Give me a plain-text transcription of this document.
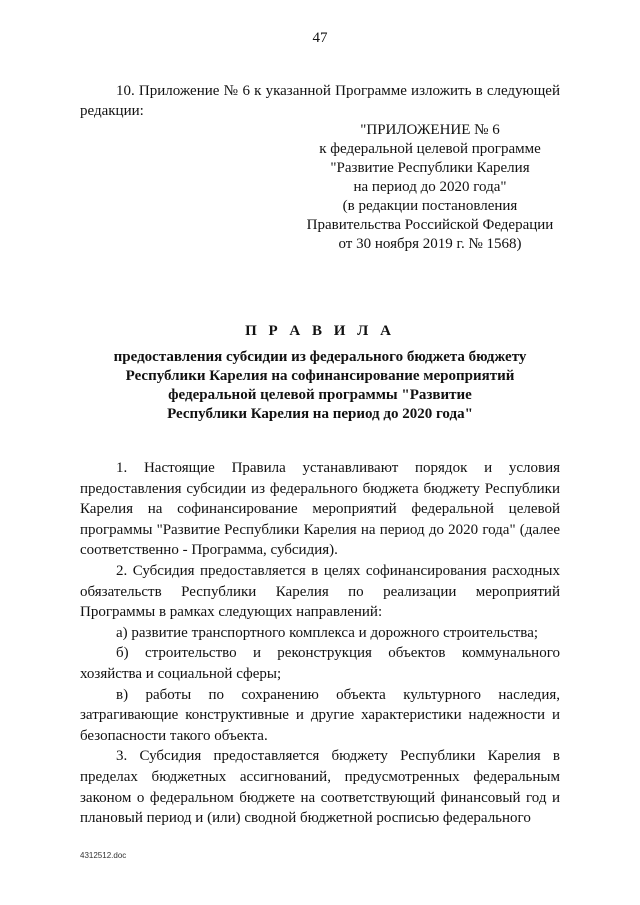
47

10. Приложение № 6 к указанной Программе изложить в следующей редакции:

"ПРИЛОЖЕНИЕ № 6
к федеральной целевой программе
"Развитие Республики Карелия
на период до 2020 года"
(в редакции постановления
Правительства Российской Федерации
от 30 ноября 2019 г. № 1568)
П Р А В И Л А
предоставления субсидии из федерального бюджета бюджету
Республики Карелия на софинансирование мероприятий
федеральной целевой программы "Развитие
Республики Карелия на период до 2020 года"

1. Настоящие Правила устанавливают порядок и условия предоставления субсидии из федерального бюджета бюджету Республики Карелия на софинансирование мероприятий федеральной целевой программы "Развитие Республики Карелия на период до 2020 года" (далее соответственно - Программа, субсидия).

2. Субсидия предоставляется в целях софинансирования расходных обязательств Республики Карелия по реализации мероприятий Программы в рамках следующих направлений:

а) развитие транспортного комплекса и дорожного строительства;

б) строительство и реконструкция объектов коммунального хозяйства и социальной сферы;

в) работы по сохранению объекта культурного наследия, затрагивающие конструктивные и другие характеристики надежности и безопасности такого объекта.

3. Субсидия предоставляется бюджету Республики Карелия в пределах бюджетных ассигнований, предусмотренных федеральным законом о федеральном бюджете на соответствующий финансовый год и плановый период и (или) сводной бюджетной росписью федерального

4312512.doc
